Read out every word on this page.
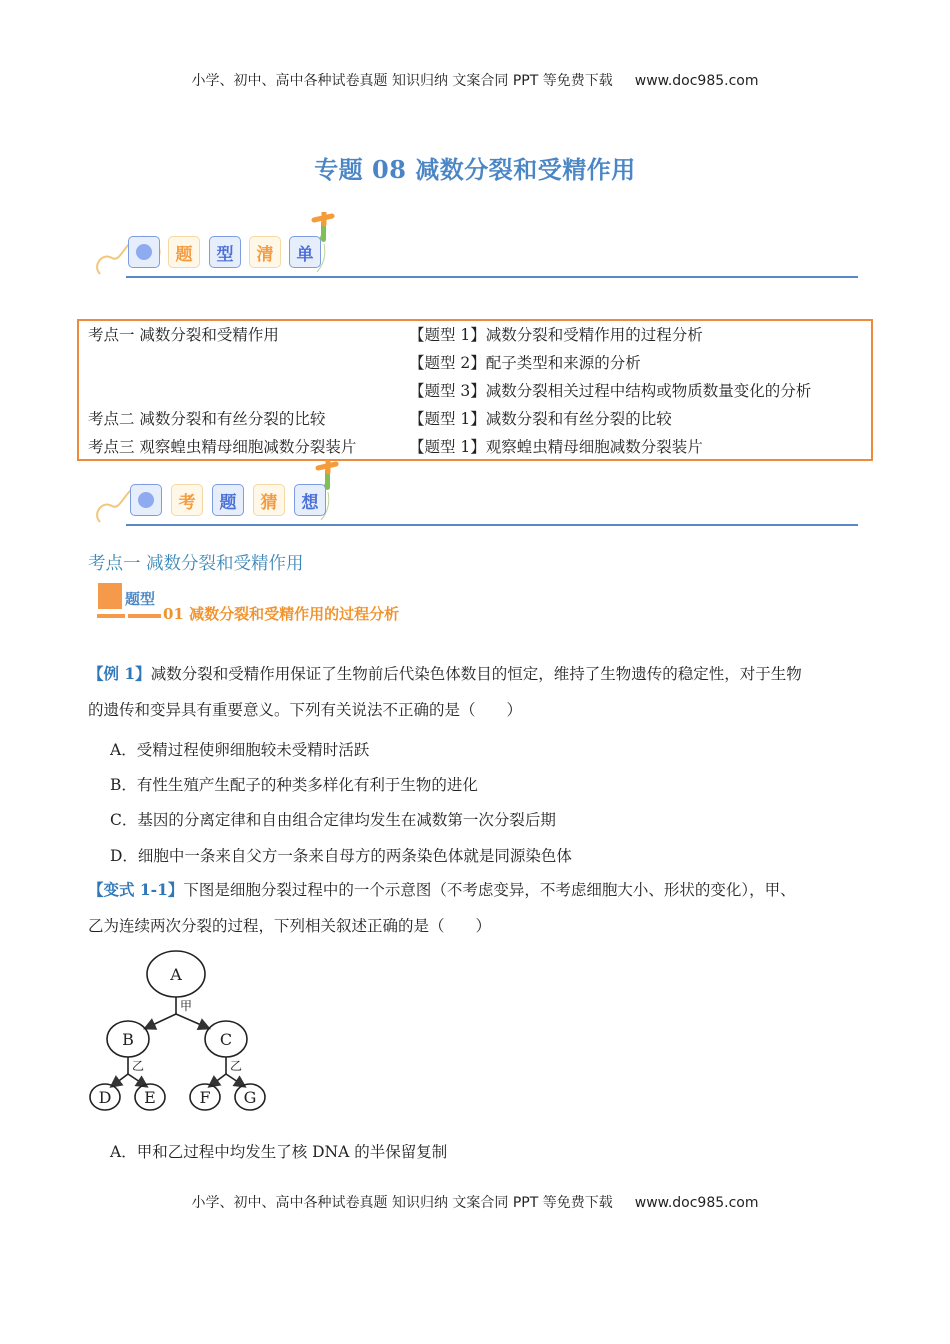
小学、初中、高中各种试卷真题 知识归纳 文案合同 PPT 等免费下载 www.doc985.com
专题 08 减数分裂和受精作用
题	型	清	单
考点一 减数分裂和受精作用	【题型 1】减数分裂和受精作用的过程分析
【题型 2】配子类型和来源的分析
【题型 3】减数分裂相关过程中结构或物质数量变化的分析
考点二 减数分裂和有丝分裂的比较	【题型 1】减数分裂和有丝分裂的比较
考点三 观察蝗虫精母细胞减数分裂装片	【题型 1】观察蝗虫精母细胞减数分裂装片
考	题	猜	想
考点一 减数分裂和受精作用
题型
01 减数分裂和受精作用的过程分析
【例 1】减数分裂和受精作用保证了生物前后代染色体数目的恒定，维持了生物遗传的稳定性，对于生物
的遗传和变异具有重要意义。下列有关说法不正确的是（　　）
A．受精过程使卵细胞较未受精时活跃
B．有性生殖产生配子的种类多样化有利于生物的进化
C．基因的分离定律和自由组合定律均发生在减数第一次分裂后期
D．细胞中一条来自父方一条来自母方的两条染色体就是同源染色体
【变式 1-1】下图是细胞分裂过程中的一个示意图（不考虑变异，不考虑细胞大小、形状的变化），甲、
乙为连续两次分裂的过程，下列相关叙述正确的是（　　）
A
B	C
D E	F G
甲
乙	乙
A．甲和乙过程中均发生了核 DNA 的半保留复制
小学、初中、高中各种试卷真题 知识归纳 文案合同 PPT 等免费下载 www.doc985.com
